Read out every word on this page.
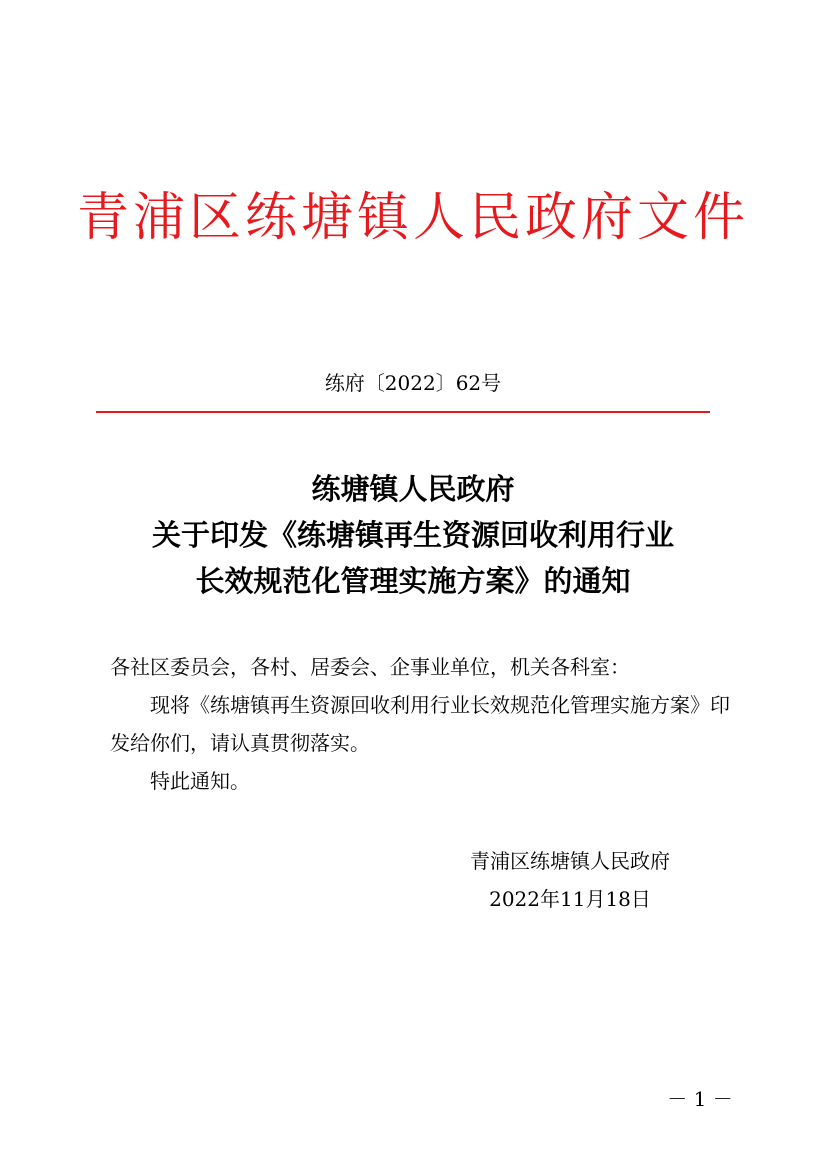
青浦区练塘镇人民政府文件
练府〔2022〕62号
练塘镇人民政府
关于印发《练塘镇再生资源回收利用行业
长效规范化管理实施方案》的通知

各社区委员会，各村、居委会、企事业单位，机关各科室：

现将《练塘镇再生资源回收利用行业长效规范化管理实施方案》印发给你们，请认真贯彻落实。

特此通知。

青浦区练塘镇人民政府
2022年11月18日
－ 1 －
